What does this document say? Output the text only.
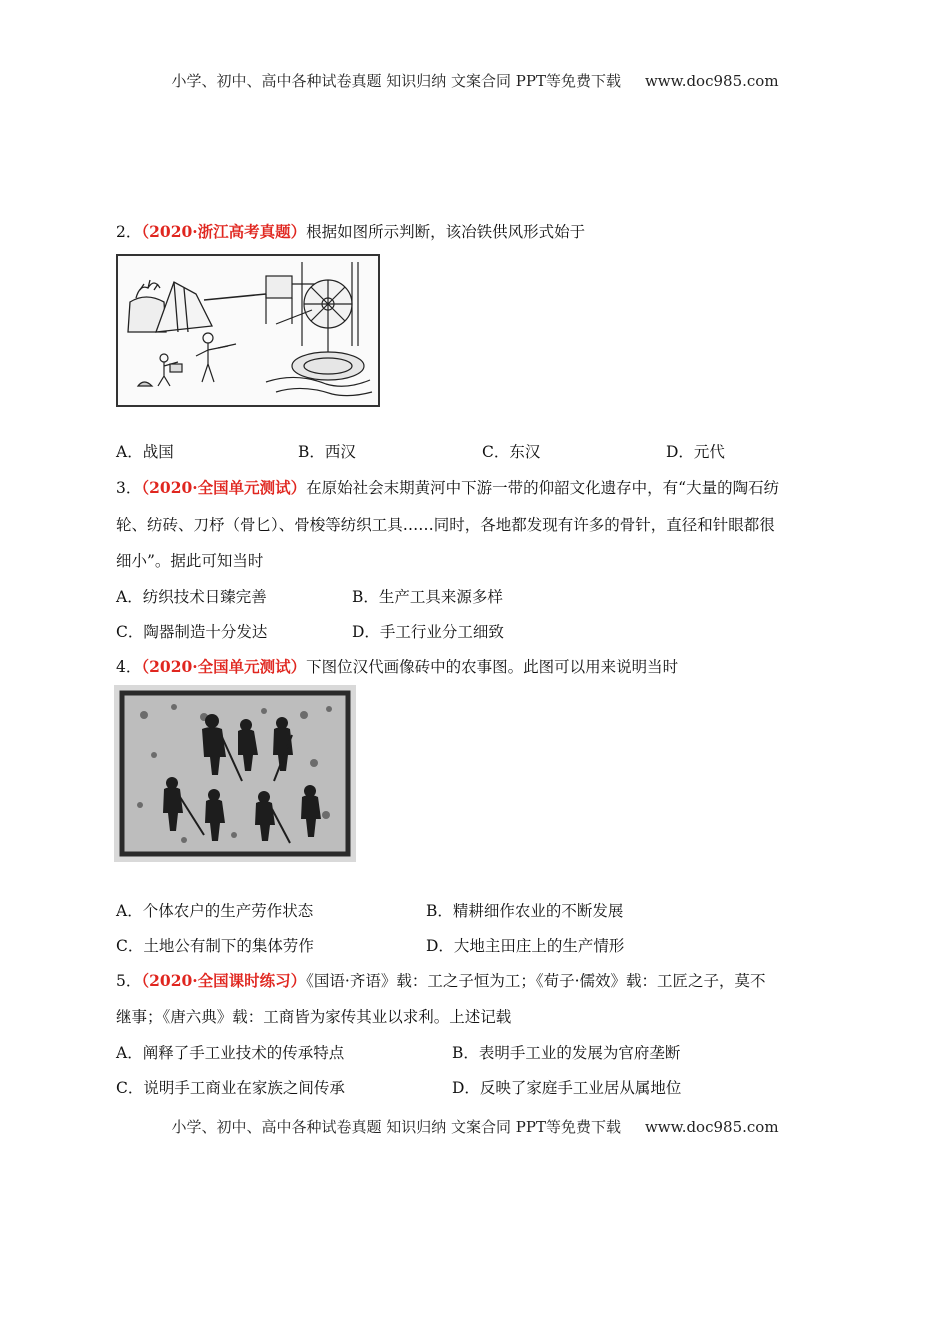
小学、初中、高中各种试卷真题 知识归纳 文案合同 PPT等免费下载 www.doc985.com
2．（2020·浙江高考真题）根据如图所示判断，该冶铁供风形式始于
A．战国	B．西汉	C．东汉	D．元代
3．（2020·全国单元测试）在原始社会末期黄河中下游一带的仰韶文化遗存中，有“大量的陶石纺
轮、纺砖、刀杼（骨匕）、骨梭等纺织工具……同时，各地都发现有许多的骨针，直径和针眼都很
细小”。据此可知当时
A．纺织技术日臻完善	B．生产工具来源多样
C．陶器制造十分发达	D．手工行业分工细致
4．（2020·全国单元测试）下图位汉代画像砖中的农事图。此图可以用来说明当时
A．个体农户的生产劳作状态	B．精耕细作农业的不断发展
C．土地公有制下的集体劳作	D．大地主田庄上的生产情形
5．（2020·全国课时练习）《国语·齐语》载：工之子恒为工；《荀子·儒效》载：工匠之子，莫不
继事；《唐六典》载：工商皆为家传其业以求利。上述记载
A．阐释了手工业技术的传承特点	B．表明手工业的发展为官府垄断
C．说明手工商业在家族之间传承	D．反映了家庭手工业居从属地位
小学、初中、高中各种试卷真题 知识归纳 文案合同 PPT等免费下载 www.doc985.com
